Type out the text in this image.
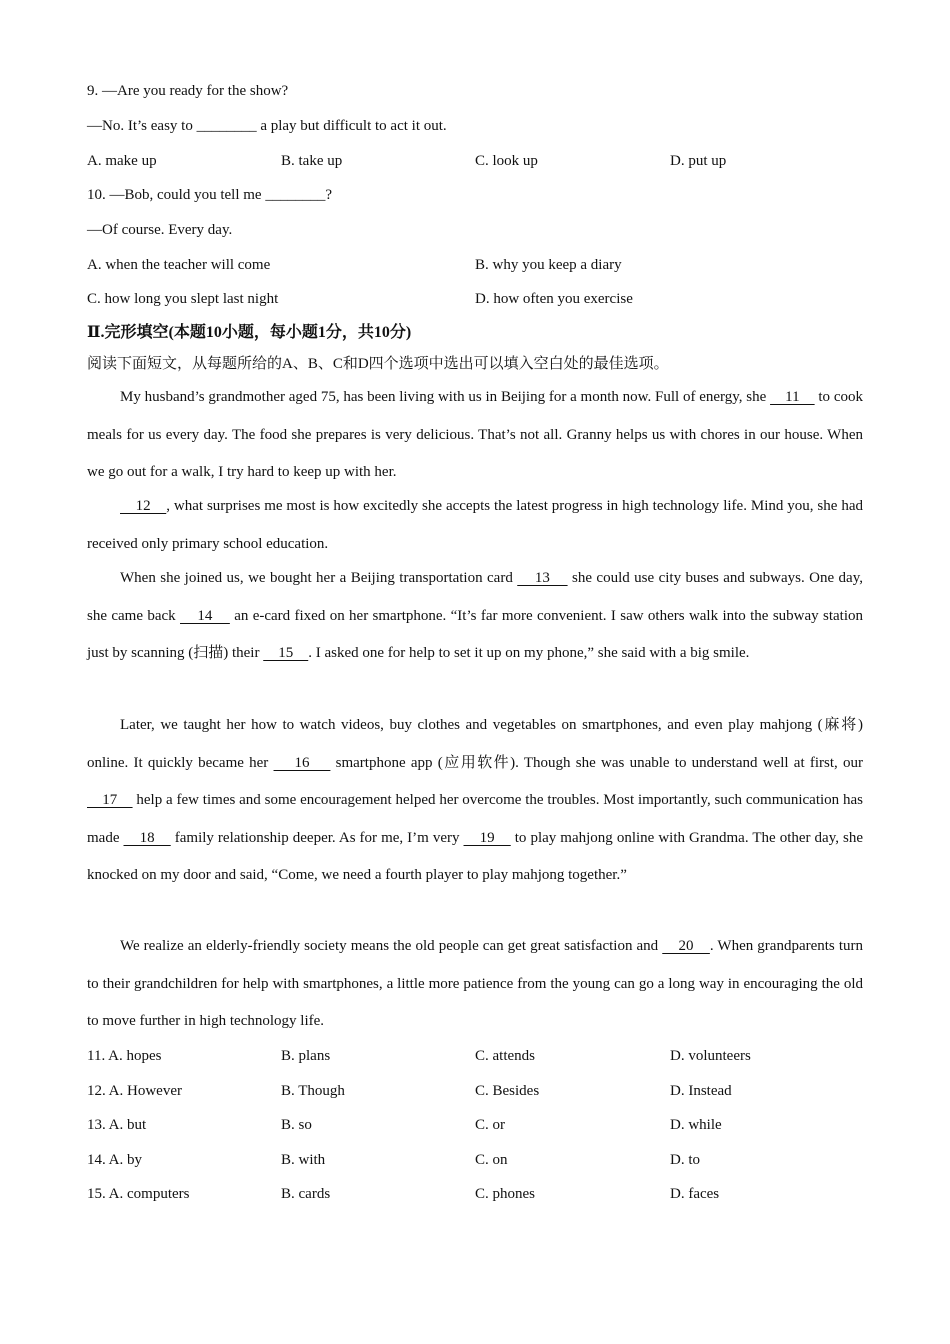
9. —Are you ready for the show?
—No. It’s easy to ________ a play but difficult to act it out.
A. make up	B. take up	C. look up	D. put up
10. —Bob, could you tell me ________?
—Of course. Every day.
A. when the teacher will come	B. why you keep a diary
C. how long you slept last night	D. how often you exercise
Ⅱ.完形填空(本题10小题，每小题1分，共10分)
阅读下面短文，从每题所给的A、B、C和D四个选项中选出可以填入空白处的最佳选项。
My husband’s grandmother aged 75, has been living with us in Beijing for a month now. Full of energy, she     11     to cook meals for us every day. The food she prepares is very delicious. That’s not all. Granny helps us with chores in our house. When we go out for a walk, I try hard to keep up with her.
12    , what surprises me most is how excitedly she accepts the latest progress in high technology life. Mind you, she had received only primary school education.
When she joined us, we bought her a Beijing transportation card     13     she could use city buses and subways. One day, she came back     14     an e-card fixed on her smartphone. “It’s far more convenient. I saw others walk into the subway station just by scanning (扫描) their     15    . I asked one for help to set it up on my phone,” she said with a big smile.
Later, we taught her how to watch videos, buy clothes and vegetables on smartphones, and even play mahjong (麻将) online. It quickly became her     16     smartphone app (应用软件). Though she was unable to understand well at first, our     17     help a few times and some encouragement helped her overcome the troubles. Most importantly, such communication has made     18     family relationship deeper. As for me, I’m very     19     to play mahjong online with Grandma. The other day, she knocked on my door and said, “Come, we need a fourth player to play mahjong together.”
We realize an elderly-friendly society means the old people can get great satisfaction and     20    . When grandparents turn to their grandchildren for help with smartphones, a little more patience from the young can go a long way in encouraging the old to move further in high technology life.
11. A. hopes	B. plans	C. attends	D. volunteers
12. A. However	B. Though	C. Besides	D. Instead
13. A. but	B. so	C. or	D. while
14. A. by	B. with	C. on	D. to
15. A. computers	B. cards	C. phones	D. faces
